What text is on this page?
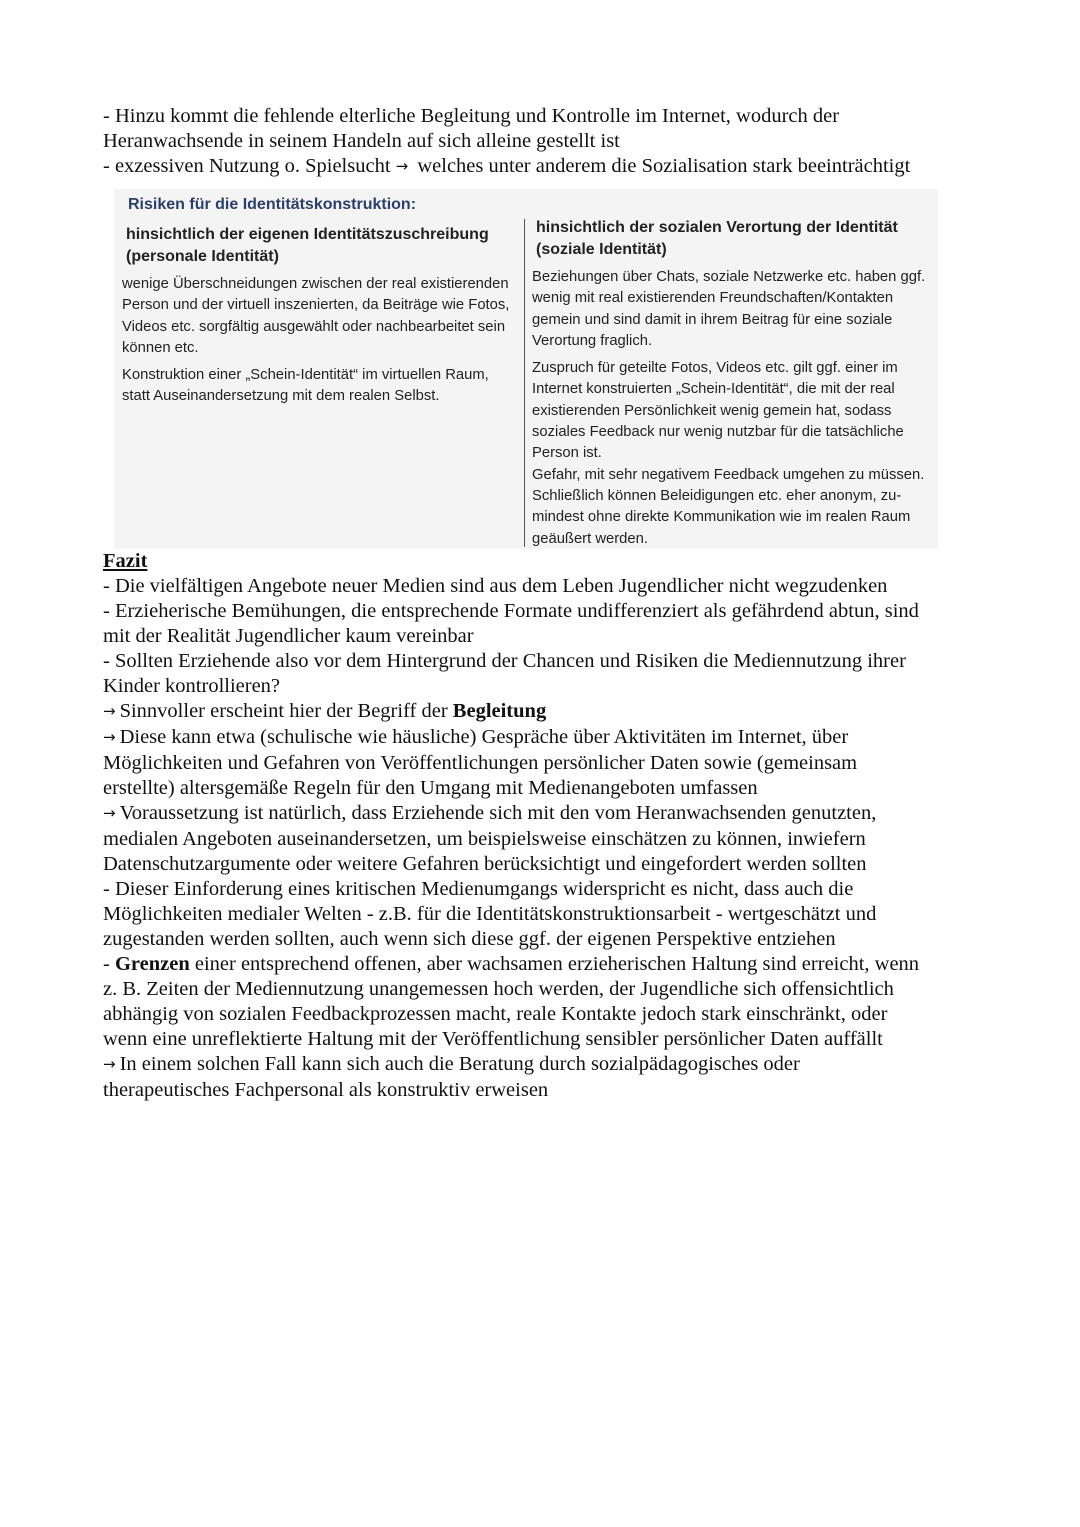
- Hinzu kommt die fehlende elterliche Begleitung und Kontrolle im Internet, wodurch der

Heranwachsende in seinem Handeln auf sich alleine gestellt ist

- exzessiven Nutzung o. Spielsucht → welches unter anderem die Sozialisation stark beeinträchtigt

Risiken für die Identitätskonstruktion:

hinsichtlich der eigenen Identitätszuschreibung (personale Identität)

wenige Überschneidungen zwischen der real existierenden

Person und der virtuell inszenierten, da Beiträge wie Fotos,

Videos etc. sorgfältig ausgewählt oder nachbearbeitet sein

können etc.

Konstruktion einer „Schein-Identität“ im virtuellen Raum,

statt Auseinandersetzung mit dem realen Selbst.

hinsichtlich der sozialen Verortung der Identität (soziale Identität)

Beziehungen über Chats, soziale Netzwerke etc. haben ggf.

wenig mit real existierenden Freundschaften/Kontakten

gemein und sind damit in ihrem Beitrag für eine soziale

Verortung fraglich.

Zuspruch für geteilte Fotos, Videos etc. gilt ggf. einer im

Internet konstruierten „Schein-Identität“, die mit der real

existierenden Persönlichkeit wenig gemein hat, sodass

soziales Feedback nur wenig nutzbar für die tatsächliche

Person ist.

Gefahr, mit sehr negativem Feedback umgehen zu müssen.

Schließlich können Beleidigungen etc. eher anonym, zu-

mindest ohne direkte Kommunikation wie im realen Raum

geäußert werden.

Fazit

- Die vielfältigen Angebote neuer Medien sind aus dem Leben Jugendlicher nicht wegzudenken

- Erzieherische Bemühungen, die entsprechende Formate undifferenziert als gefährdend abtun, sind

mit der Realität Jugendlicher kaum vereinbar

- Sollten Erziehende also vor dem Hintergrund der Chancen und Risiken die Mediennutzung ihrer

Kinder kontrollieren?

→ Sinnvoller erscheint hier der Begriff der Begleitung

→ Diese kann etwa (schulische wie häusliche) Gespräche über Aktivitäten im Internet, über

Möglichkeiten und Gefahren von Veröffentlichungen persönlicher Daten sowie (gemeinsam

erstellte) altersgemäße Regeln für den Umgang mit Medienangeboten umfassen

→ Voraussetzung ist natürlich, dass Erziehende sich mit den vom Heranwachsenden genutzten,

medialen Angeboten auseinandersetzen, um beispielsweise einschätzen zu können, inwiefern

Datenschutzargumente oder weitere Gefahren berücksichtigt und eingefordert werden sollten

- Dieser Einforderung eines kritischen Medienumgangs widerspricht es nicht, dass auch die

Möglichkeiten medialer Welten - z.B. für die Identitätskonstruktionsarbeit - wertgeschätzt und

zugestanden werden sollten, auch wenn sich diese ggf. der eigenen Perspektive entziehen

- Grenzen einer entsprechend offenen, aber wachsamen erzieherischen Haltung sind erreicht, wenn

z. B. Zeiten der Mediennutzung unangemessen hoch werden, der Jugendliche sich offensichtlich

abhängig von sozialen Feedbackprozessen macht, reale Kontakte jedoch stark einschränkt, oder

wenn eine unreflektierte Haltung mit der Veröffentlichung sensibler persönlicher Daten auffällt

→ In einem solchen Fall kann sich auch die Beratung durch sozialpädagogisches oder

therapeutisches Fachpersonal als konstruktiv erweisen
